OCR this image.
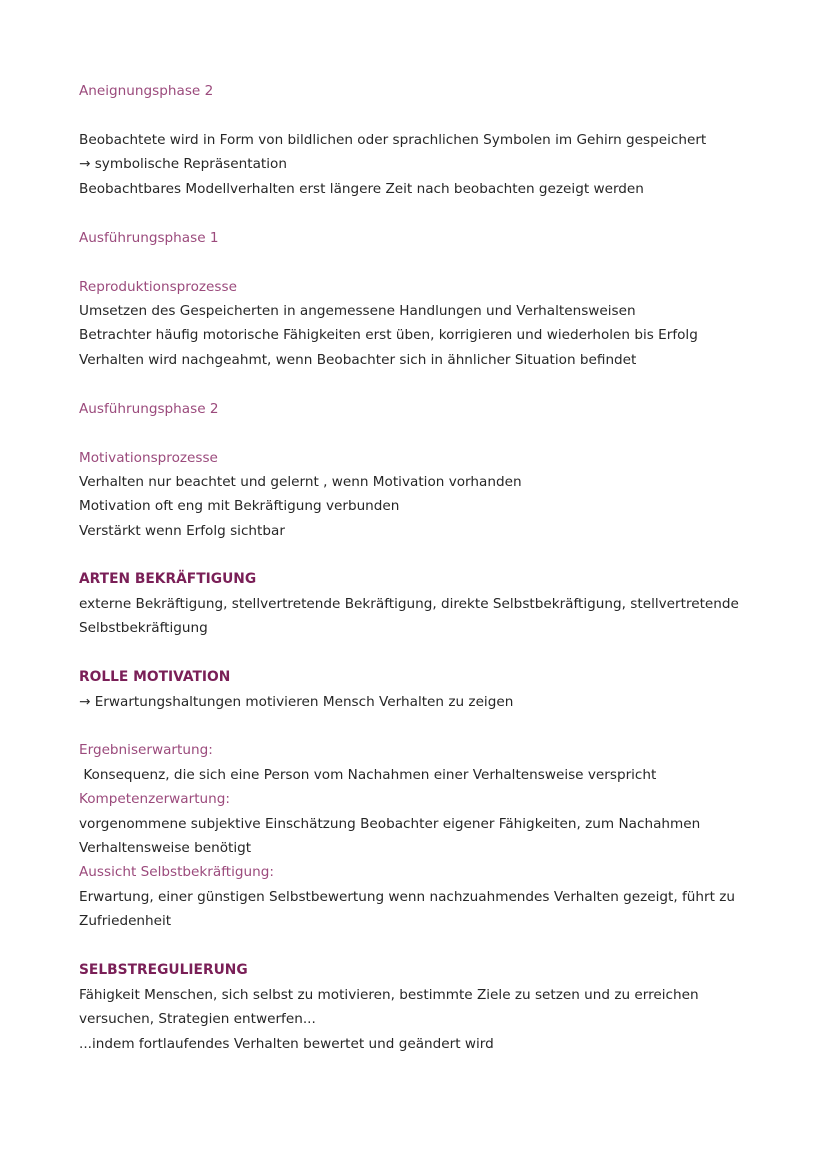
Aneignungsphase 2
Beobachtete wird in Form von bildlichen oder sprachlichen Symbolen im Gehirn gespeichert
→ symbolische Repräsentation
Beobachtbares Modellverhalten erst längere Zeit nach beobachten gezeigt werden
Ausführungsphase 1
Reproduktionsprozesse
Umsetzen des Gespeicherten in angemessene Handlungen und Verhaltensweisen
Betrachter häufig motorische Fähigkeiten erst üben, korrigieren und wiederholen bis Erfolg
Verhalten wird nachgeahmt, wenn Beobachter sich in ähnlicher Situation befindet
Ausführungsphase 2
Motivationsprozesse
Verhalten nur beachtet und gelernt , wenn Motivation vorhanden
Motivation oft eng mit Bekräftigung verbunden
Verstärkt wenn Erfolg sichtbar
ARTEN BEKRÄFTIGUNG
externe Bekräftigung, stellvertretende Bekräftigung, direkte Selbstbekräftigung, stellvertretende
Selbstbekräftigung
ROLLE MOTIVATION
→ Erwartungshaltungen motivieren Mensch Verhalten zu zeigen
Ergebniserwartung:
Konsequenz, die sich eine Person vom Nachahmen einer Verhaltensweise verspricht
Kompetenzerwartung:
vorgenommene subjektive Einschätzung Beobachter eigener Fähigkeiten, zum Nachahmen
Verhaltensweise benötigt
Aussicht Selbstbekräftigung:
Erwartung, einer günstigen Selbstbewertung wenn nachzuahmendes Verhalten gezeigt, führt zu
Zufriedenheit
SELBSTREGULIERUNG
Fähigkeit Menschen, sich selbst zu motivieren, bestimmte Ziele zu setzen und zu erreichen
versuchen, Strategien entwerfen...
...indem fortlaufendes Verhalten bewertet und geändert wird
